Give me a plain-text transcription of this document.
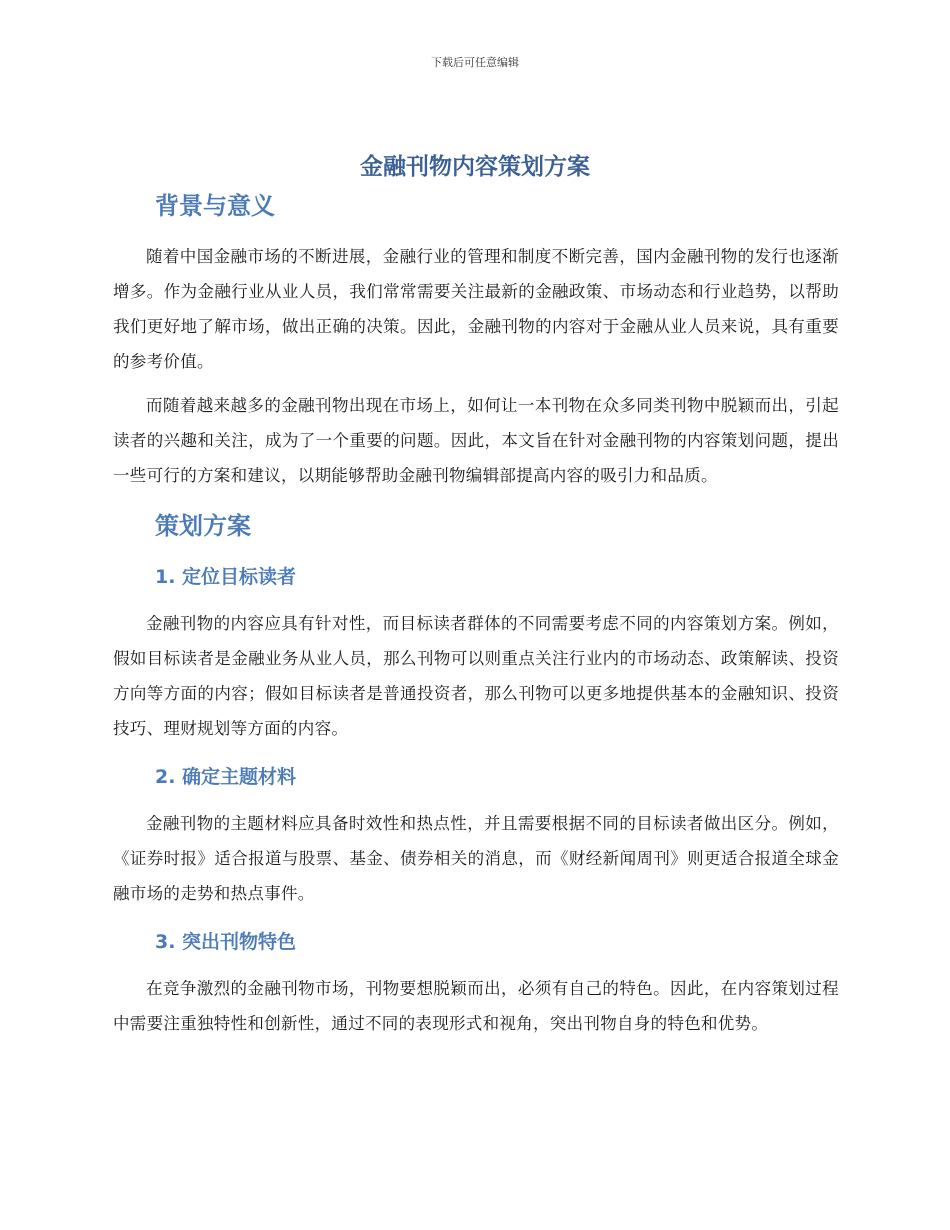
下载后可任意编辑
金融刊物内容策划方案
背景与意义

随着中国金融市场的不断进展，金融行业的管理和制度不断完善，国内金融刊物的发行也逐渐增多。作为金融行业从业人员，我们常常需要关注最新的金融政策、市场动态和行业趋势，以帮助我们更好地了解市场，做出正确的决策。因此，金融刊物的内容对于金融从业人员来说，具有重要的参考价值。

而随着越来越多的金融刊物出现在市场上，如何让一本刊物在众多同类刊物中脱颖而出，引起读者的兴趣和关注，成为了一个重要的问题。因此，本文旨在针对金融刊物的内容策划问题，提出一些可行的方案和建议，以期能够帮助金融刊物编辑部提高内容的吸引力和品质。

策划方案
1. 定位目标读者

金融刊物的内容应具有针对性，而目标读者群体的不同需要考虑不同的内容策划方案。例如，假如目标读者是金融业务从业人员，那么刊物可以则重点关注行业内的市场动态、政策解读、投资方向等方面的内容；假如目标读者是普通投资者，那么刊物可以更多地提供基本的金融知识、投资技巧、理财规划等方面的内容。

2. 确定主题材料

金融刊物的主题材料应具备时效性和热点性，并且需要根据不同的目标读者做出区分。例如，《证券时报》适合报道与股票、基金、债券相关的消息，而《财经新闻周刊》则更适合报道全球金融市场的走势和热点事件。

3. 突出刊物特色

在竞争激烈的金融刊物市场，刊物要想脱颖而出，必须有自己的特色。因此，在内容策划过程中需要注重独特性和创新性，通过不同的表现形式和视角，突出刊物自身的特色和优势。
